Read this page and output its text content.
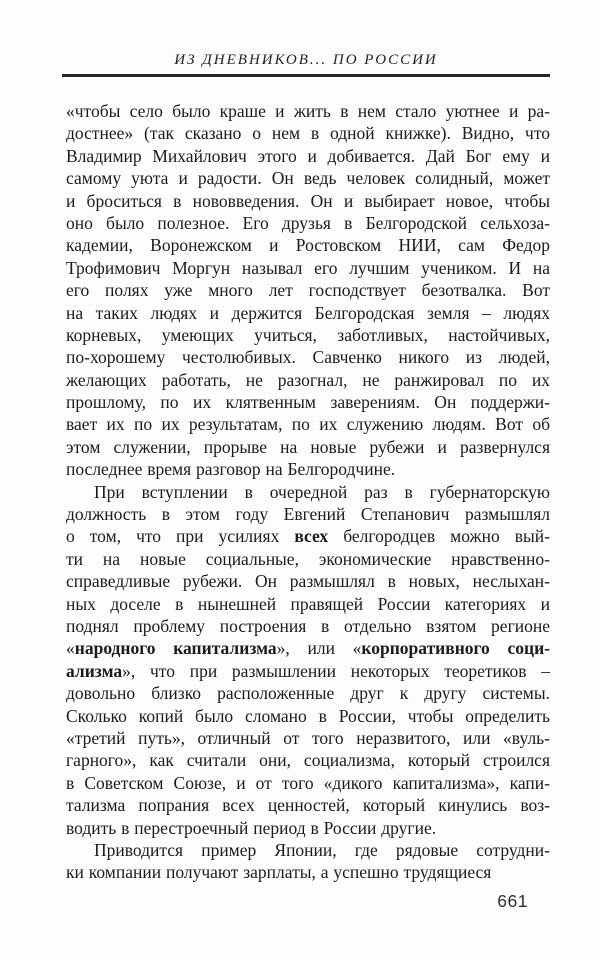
ИЗ ДНЕВНИКОВ... ПО РОССИИ
«чтобы село было краше и жить в нем стало уютнее и ра-
достнее» (так сказано о нем в одной книжке). Видно, что
Владимир Михайлович этого и добивается. Дай Бог ему и
самому уюта и радости. Он ведь человек солидный, может
и броситься в нововведения. Он и выбирает новое, чтобы
оно было полезное. Его друзья в Белгородской сельхоза-
кадемии, Воронежском и Ростовском НИИ, сам Федор
Трофимович Моргун называл его лучшим учеником. И на
его полях уже много лет господствует безотвалка. Вот
на таких людях и держится Белгородская земля – людях
корневых, умеющих учиться, заботливых, настойчивых,
по-хорошему честолюбивых. Савченко никого из людей,
желающих работать, не разогнал, не ранжировал по их
прошлому, по их клятвенным заверениям. Он поддержи-
вает их по их результатам, по их служению людям. Вот об
этом служении, прорыве на новые рубежи и развернулся
последнее время разговор на Белгородчине.
При вступлении в очередной раз в губернаторскую
должность в этом году Евгений Степанович размышлял
о том, что при усилиях всех белгородцев можно вый-
ти на новые социальные, экономические нравственно-
справедливые рубежи. Он размышлял в новых, неслыхан-
ных доселе в нынешней правящей России категориях и
поднял проблему построения в отдельно взятом регионе
«народного капитализма», или «корпоративного соци-
ализма», что при размышлении некоторых теоретиков –
довольно близко расположенные друг к другу системы.
Сколько копий было сломано в России, чтобы определить
«третий путь», отличный от того неразвитого, или «вуль-
гарного», как считали они, социализма, который строился
в Советском Союзе, и от того «дикого капитализма», капи-
тализма попрания всех ценностей, который кинулись воз-
водить в перестроечный период в России другие.
Приводится пример Японии, где рядовые сотрудни-
ки компании получают зарплаты, а успешно трудящиеся
661
